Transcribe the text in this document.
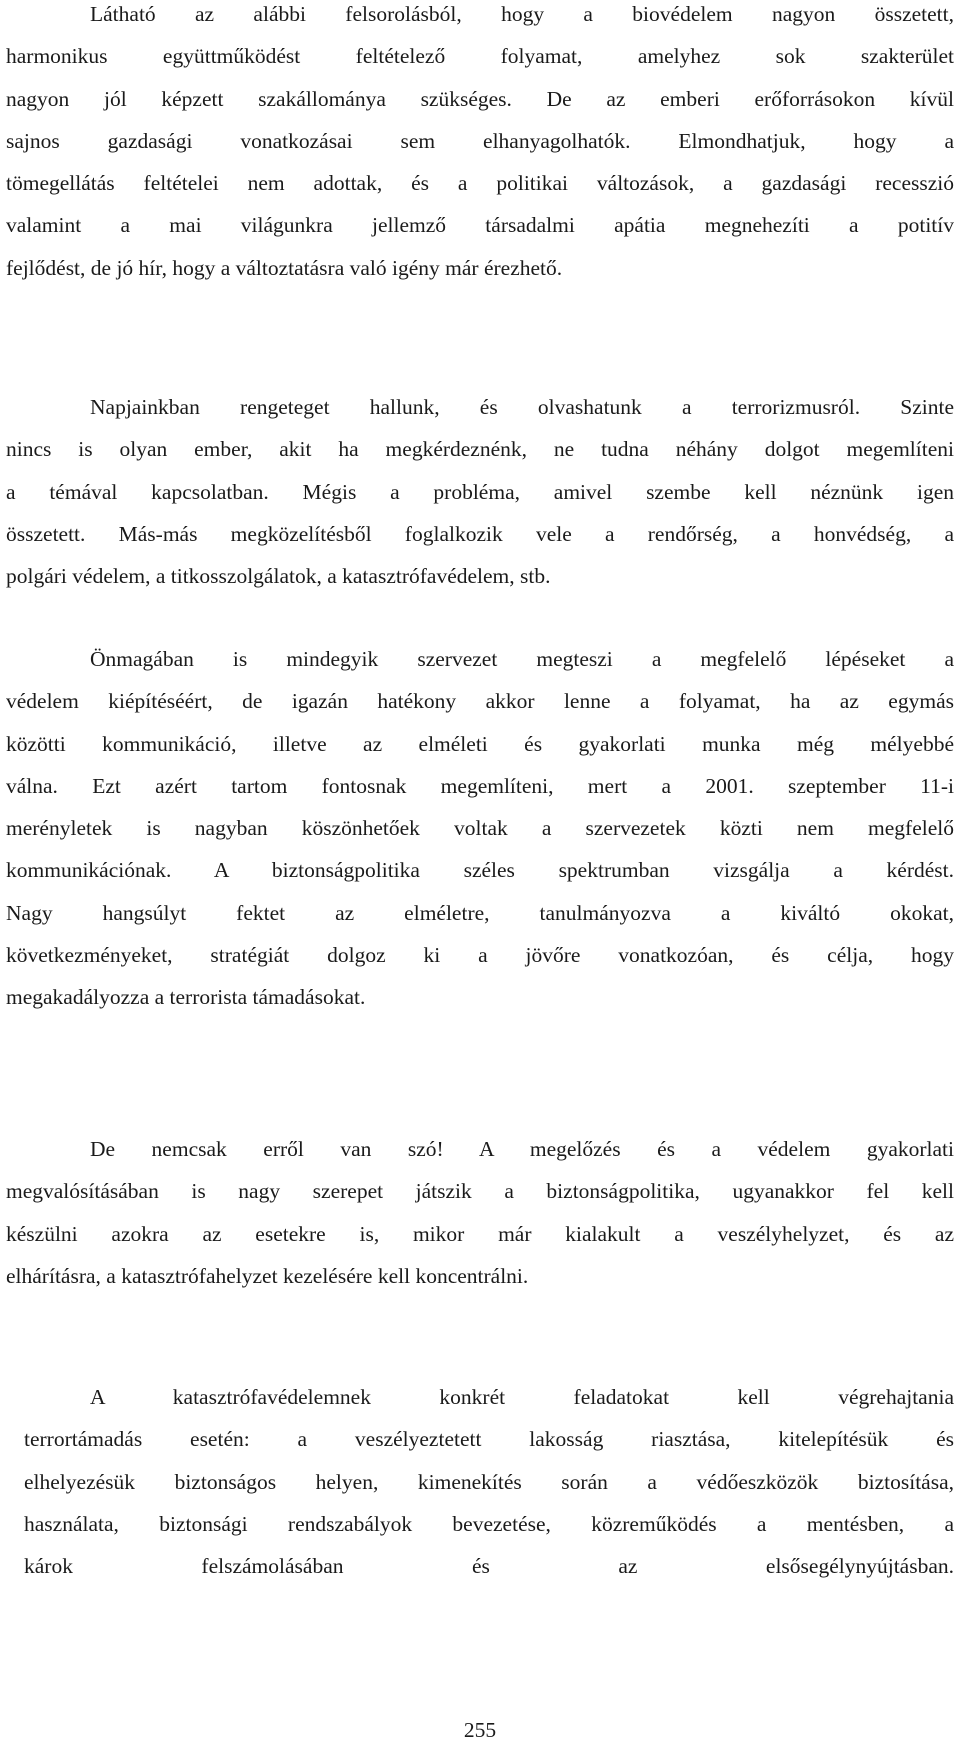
Látható az alábbi felsorolásból, hogy a biovédelem nagyon összetett,
harmonikus együttműködést feltételező folyamat, amelyhez sok szakterület
nagyon jól képzett szakállománya szükséges. De az emberi erőforrásokon kívül
sajnos gazdasági vonatkozásai sem elhanyagolhatók. Elmondhatjuk, hogy a
tömegellátás feltételei nem adottak, és a politikai változások, a gazdasági recesszió
valamint a mai világunkra jellemző társadalmi apátia megnehezíti a potitív
fejlődést, de jó hír, hogy a változtatásra való igény már érezhető.
Napjainkban rengeteget hallunk, és olvashatunk a terrorizmusról. Szinte
nincs is olyan ember, akit ha megkérdeznénk, ne tudna néhány dolgot megemlíteni
a témával kapcsolatban. Mégis a probléma, amivel szembe kell néznünk igen
összetett. Más-más megközelítésből foglalkozik vele a rendőrség, a honvédség, a
polgári védelem, a titkosszolgálatok, a katasztrófavédelem, stb.
Önmagában is mindegyik szervezet megteszi a megfelelő lépéseket a
védelem kiépítéséért, de igazán hatékony akkor lenne a folyamat, ha az egymás
közötti kommunikáció, illetve az elméleti és gyakorlati munka még mélyebbé
válna. Ezt azért tartom fontosnak megemlíteni, mert a 2001. szeptember 11-i
merényletek is nagyban köszönhetőek voltak a szervezetek közti nem megfelelő
kommunikációnak. A biztonságpolitika széles spektrumban vizsgálja a kérdést.
Nagy hangsúlyt fektet az elméletre, tanulmányozva a kiváltó okokat,
következményeket, stratégiát dolgoz ki a jövőre vonatkozóan, és célja, hogy
megakadályozza a terrorista támadásokat.
De nemcsak erről van szó! A megelőzés és a védelem gyakorlati
megvalósításában is nagy szerepet játszik a biztonságpolitika, ugyanakkor fel kell
készülni azokra az esetekre is, mikor már kialakult a veszélyhelyzet, és az
elhárításra, a katasztrófahelyzet kezelésére kell koncentrálni.
A katasztrófavédelemnek konkrét feladatokat kell végrehajtania
terrortámadás esetén: a veszélyeztetett lakosság riasztása, kitelepítésük és
elhelyezésük biztonságos helyen, kimenekítés során a védőeszközök biztosítása,
használata, biztonsági rendszabályok bevezetése, közreműködés a mentésben, a
károk felszámolásában és az elsősegélynyújtásban.
255
